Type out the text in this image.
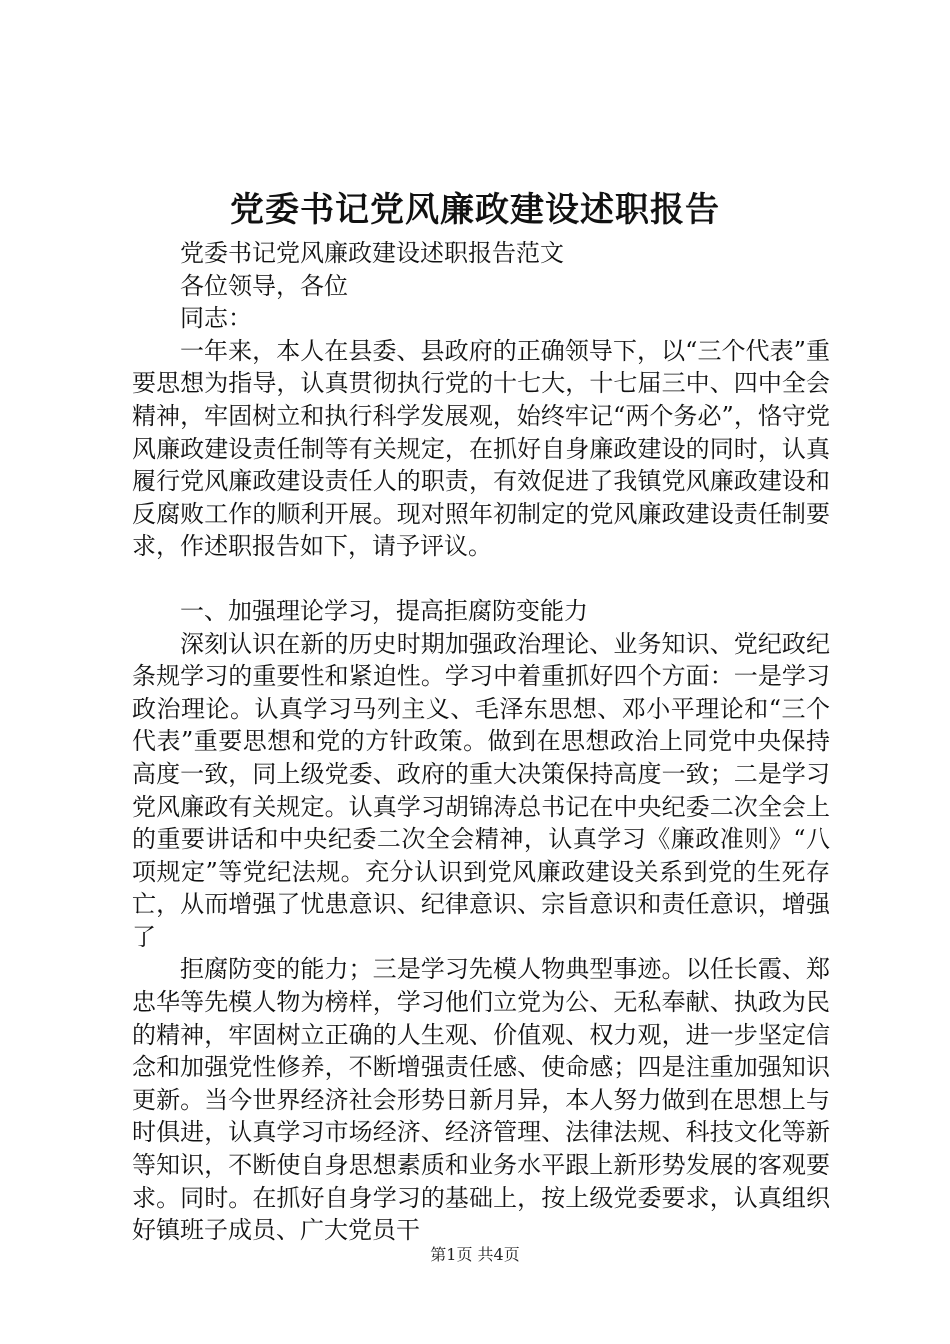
党委书记党风廉政建设述职报告

党委书记党风廉政建设述职报告范文

各位领导，各位

同志：

一年来，本人在县委、县政府的正确领导下，以“三个代表”重要思想为指导，认真贯彻执行党的十七大，十七届三中、四中全会精神，牢固树立和执行科学发展观，始终牢记“两个务必”，恪守党风廉政建设责任制等有关规定，在抓好自身廉政建设的同时，认真履行党风廉政建设责任人的职责，有效促进了我镇党风廉政建设和反腐败工作的顺利开展。现对照年初制定的党风廉政建设责任制要求，作述职报告如下，请予评议。

一、加强理论学习，提高拒腐防变能力

深刻认识在新的历史时期加强政治理论、业务知识、党纪政纪条规学习的重要性和紧迫性。学习中着重抓好四个方面：一是学习政治理论。认真学习马列主义、毛泽东思想、邓小平理论和“三个代表”重要思想和党的方针政策。做到在思想政治上同党中央保持高度一致，同上级党委、政府的重大决策保持高度一致；二是学习党风廉政有关规定。认真学习胡锦涛总书记在中央纪委二次全会上的重要讲话和中央纪委二次全会精神，认真学习《廉政准则》“八项规定”等党纪法规。充分认识到党风廉政建设关系到党的生死存亡，从而增强了忧患意识、纪律意识、宗旨意识和责任意识，增强了

拒腐防变的能力；三是学习先模人物典型事迹。以任长霞、郑忠华等先模人物为榜样，学习他们立党为公、无私奉献、执政为民的精神，牢固树立正确的人生观、价值观、权力观，进一步坚定信念和加强党性修养，不断增强责任感、使命感；四是注重加强知识更新。当今世界经济社会形势日新月异，本人努力做到在思想上与时俱进，认真学习市场经济、经济管理、法律法规、科技文化等新等知识，不断使自身思想素质和业务水平跟上新形势发展的客观要求。同时。在抓好自身学习的基础上，按上级党委要求，认真组织好镇班子成员、广大党员干

第1页 共4页
